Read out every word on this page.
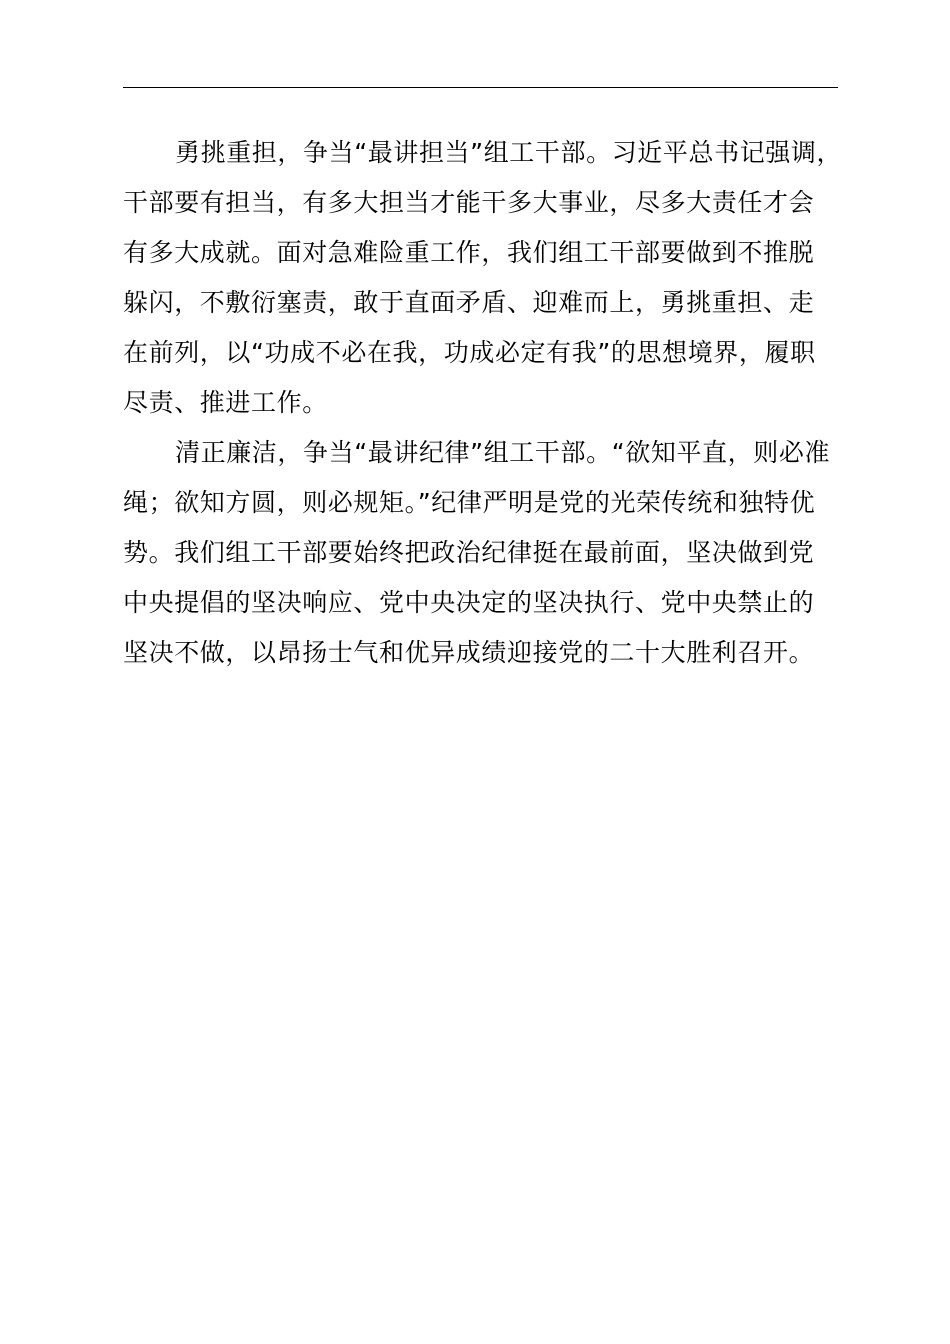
勇挑重担，争当“最讲担当”组工干部。习近平总书记强调，
干部要有担当，有多大担当才能干多大事业，尽多大责任才会
有多大成就。面对急难险重工作，我们组工干部要做到不推脱
躲闪，不敷衍塞责，敢于直面矛盾、迎难而上，勇挑重担、走
在前列，以“功成不必在我，功成必定有我”的思想境界，履职
尽责、推进工作。
清正廉洁，争当“最讲纪律”组工干部。“欲知平直，则必准
绳；欲知方圆，则必规矩。”纪律严明是党的光荣传统和独特优
势。我们组工干部要始终把政治纪律挺在最前面，坚决做到党
中央提倡的坚决响应、党中央决定的坚决执行、党中央禁止的
坚决不做，以昂扬士气和优异成绩迎接党的二十大胜利召开。
